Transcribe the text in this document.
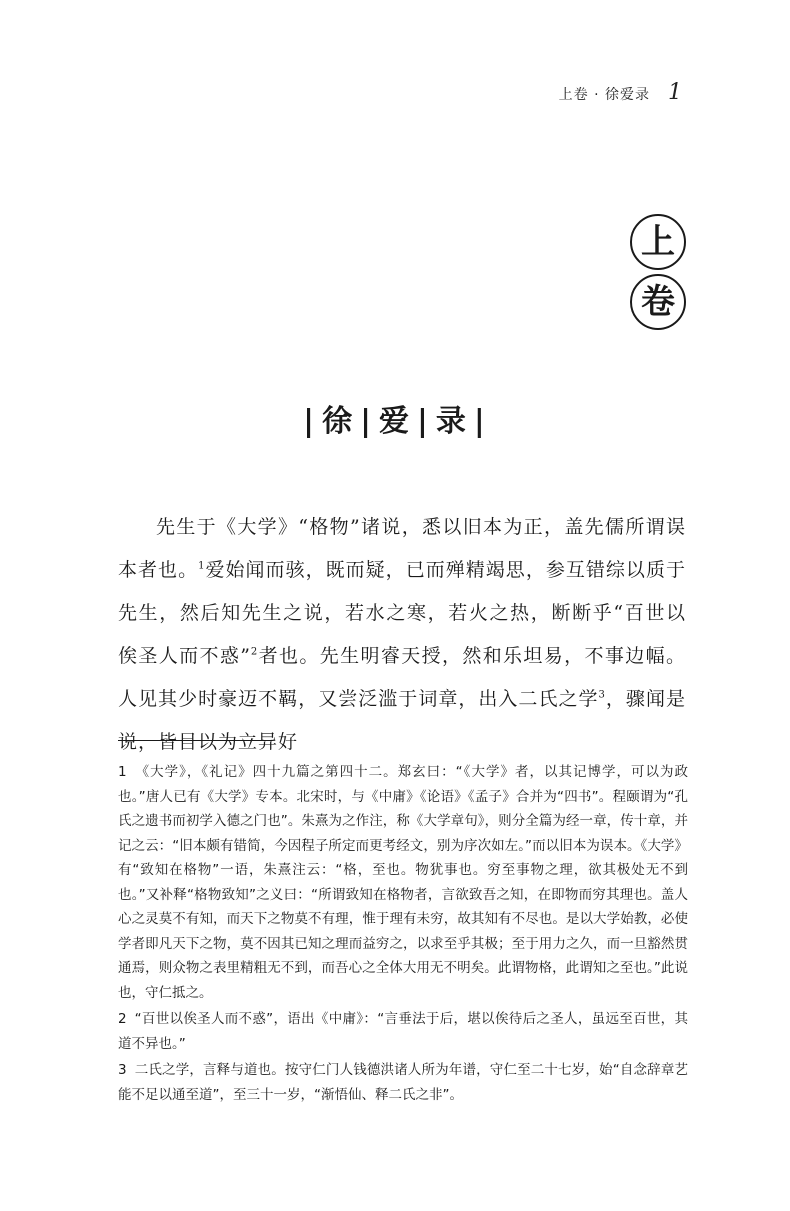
上卷 · 徐爱录 1
上
卷
| 徐 | 爱 | 录 |
先生于《大学》“格物”诸说，悉以旧本为正，盖先儒所谓误本者也。$^1$爱始闻而骇，既而疑，已而殚精竭思，参互错综以质于先生，然后知先生之说，若水之寒，若火之热，断断乎“百世以俟圣人而不惑”$^2$者也。先生明睿天授，然和乐坦易，不事边幅。人见其少时豪迈不羁，又尝泛滥于词章，出入二氏之学$^3$，骤闻是说，皆目以为立异好

1 《大学》，《礼记》四十九篇之第四十二。郑玄曰：“《大学》者，以其记博学，可以为政也。”唐人已有《大学》专本。北宋时，与《中庸》《论语》《孟子》合并为“四书”。程颐谓为“孔氏之遗书而初学入德之门也”。朱熹为之作注，称《大学章句》，则分全篇为经一章，传十章，并记之云：“旧本颇有错简，今因程子所定而更考经文，别为序次如左。”而以旧本为误本。《大学》有“致知在格物”一语，朱熹注云：“格，至也。物犹事也。穷至事物之理，欲其极处无不到也。”又补释“格物致知”之义曰：“所谓致知在格物者，言欲致吾之知，在即物而穷其理也。盖人心之灵莫不有知，而天下之物莫不有理，惟于理有未穷，故其知有不尽也。是以大学始教，必使学者即凡天下之物，莫不因其已知之理而益穷之，以求至乎其极；至于用力之久，而一旦豁然贯通焉，则众物之表里精粗无不到，而吾心之全体大用无不明矣。此谓物格，此谓知之至也。”此说也，守仁抵之。

2 “百世以俟圣人而不惑”，语出《中庸》：“言垂法于后，堪以俟待后之圣人，虽远至百世，其道不异也。”

3 二氏之学，言释与道也。按守仁门人钱德洪诸人所为年谱，守仁至二十七岁，始“自念辞章艺能不足以通至道”，至三十一岁，“渐悟仙、释二氏之非”。
